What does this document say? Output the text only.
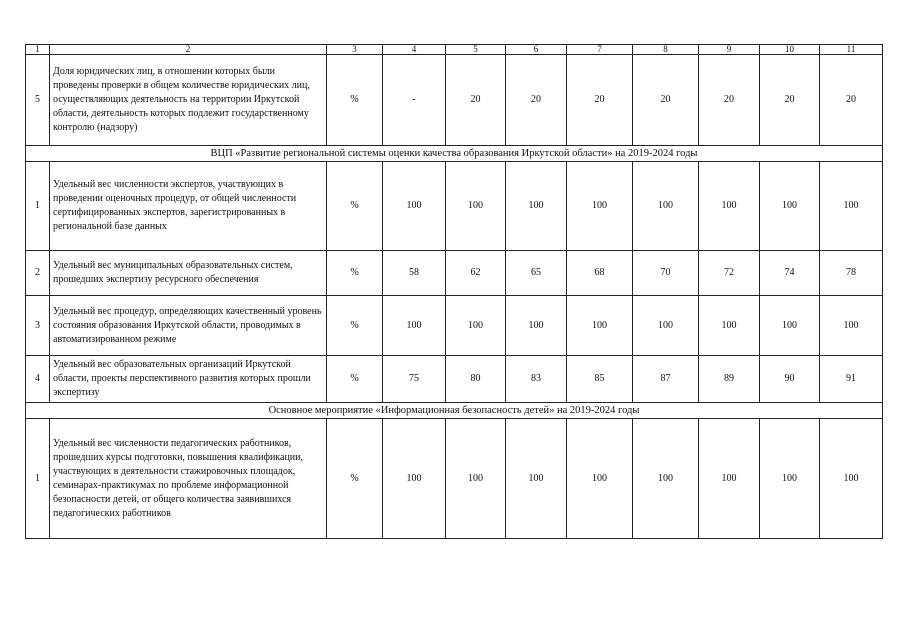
1	2	3	4	5	6	7	8	9	10	11
5	Доля юридических лиц, в отношении которых были проведены проверки в общем количестве юридических лиц, осуществляющих деятельность на территории Иркутской области, деятельность которых подлежит государственному контролю (надзору)	%	-	20	20	20	20	20	20	20
ВЦП «Развитие региональной системы оценки качества образования Иркутской области» на 2019-2024 годы										
1	Удельный вес численности экспертов, участвующих в проведении оценочных процедур, от общей численности сертифицированных экспертов, зарегистрированных в региональной базе данных	%	100	100	100	100	100	100	100	100
2	Удельный вес муниципальных образовательных систем, прошедших экспертизу ресурсного обеспечения	%	58	62	65	68	70	72	74	78
3	Удельный вес процедур, определяющих качественный уровень состояния образования Иркутской области, проводимых в автоматизированном режиме	%	100	100	100	100	100	100	100	100
4	Удельный вес образовательных организаций Иркутской области, проекты перспективного развития которых прошли экспертизу	%	75	80	83	85	87	89	90	91
Основное мероприятие «Информационная безопасность детей» на 2019-2024 годы										
1	Удельный вес численности педагогических работников, прошедших курсы подготовки, повышения квалификации, участвующих в деятельности стажировочных площадок, семинарах-практикумах по проблеме информационной безопасности детей, от общего количества заявившихся педагогических работников	%	100	100	100	100	100	100	100	100
